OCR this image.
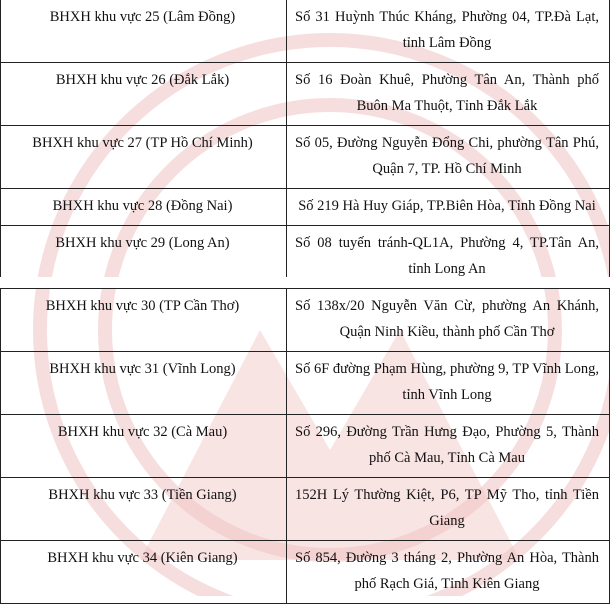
BHXH khu vực 25 (Lâm Đồng)	Số 31 Huỳnh Thúc Kháng, Phường 04, TP.Đà Lạt, tỉnh Lâm Đồng
BHXH khu vực 26 (Đắk Lắk)	Số 16 Đoàn Khuê, Phường Tân An, Thành phố Buôn Ma Thuột, Tỉnh Đắk Lắk
BHXH khu vực 27 (TP Hồ Chí Minh)	Số 05, Đường Nguyễn Đổng Chi, phường Tân Phú, Quận 7, TP. Hồ Chí Minh
BHXH khu vực 28 (Đồng Nai)	Số 219 Hà Huy Giáp, TP.Biên Hòa, Tỉnh Đồng Nai
BHXH khu vực 29 (Long An)	Số 08 tuyến tránh-QL1A, Phường 4, TP.Tân An, tỉnh Long An
BHXH khu vực 30 (TP Cần Thơ)	Số 138x/20 Nguyễn Văn Cừ, phường An Khánh, Quận Ninh Kiều, thành phố Cần Thơ
BHXH khu vực 31 (Vĩnh Long)	Số 6F đường Phạm Hùng, phường 9, TP Vĩnh Long, tỉnh Vĩnh Long
BHXH khu vực 32 (Cà Mau)	Số 296, Đường Trần Hưng Đạo, Phường 5, Thành phố Cà Mau, Tỉnh Cà Mau
BHXH khu vực 33 (Tiền Giang)	152H Lý Thường Kiệt, P6, TP Mỹ Tho, tỉnh Tiền Giang
BHXH khu vực 34 (Kiên Giang)	Số 854, Đường 3 tháng 2, Phường An Hòa, Thành phố Rạch Giá, Tỉnh Kiên Giang
